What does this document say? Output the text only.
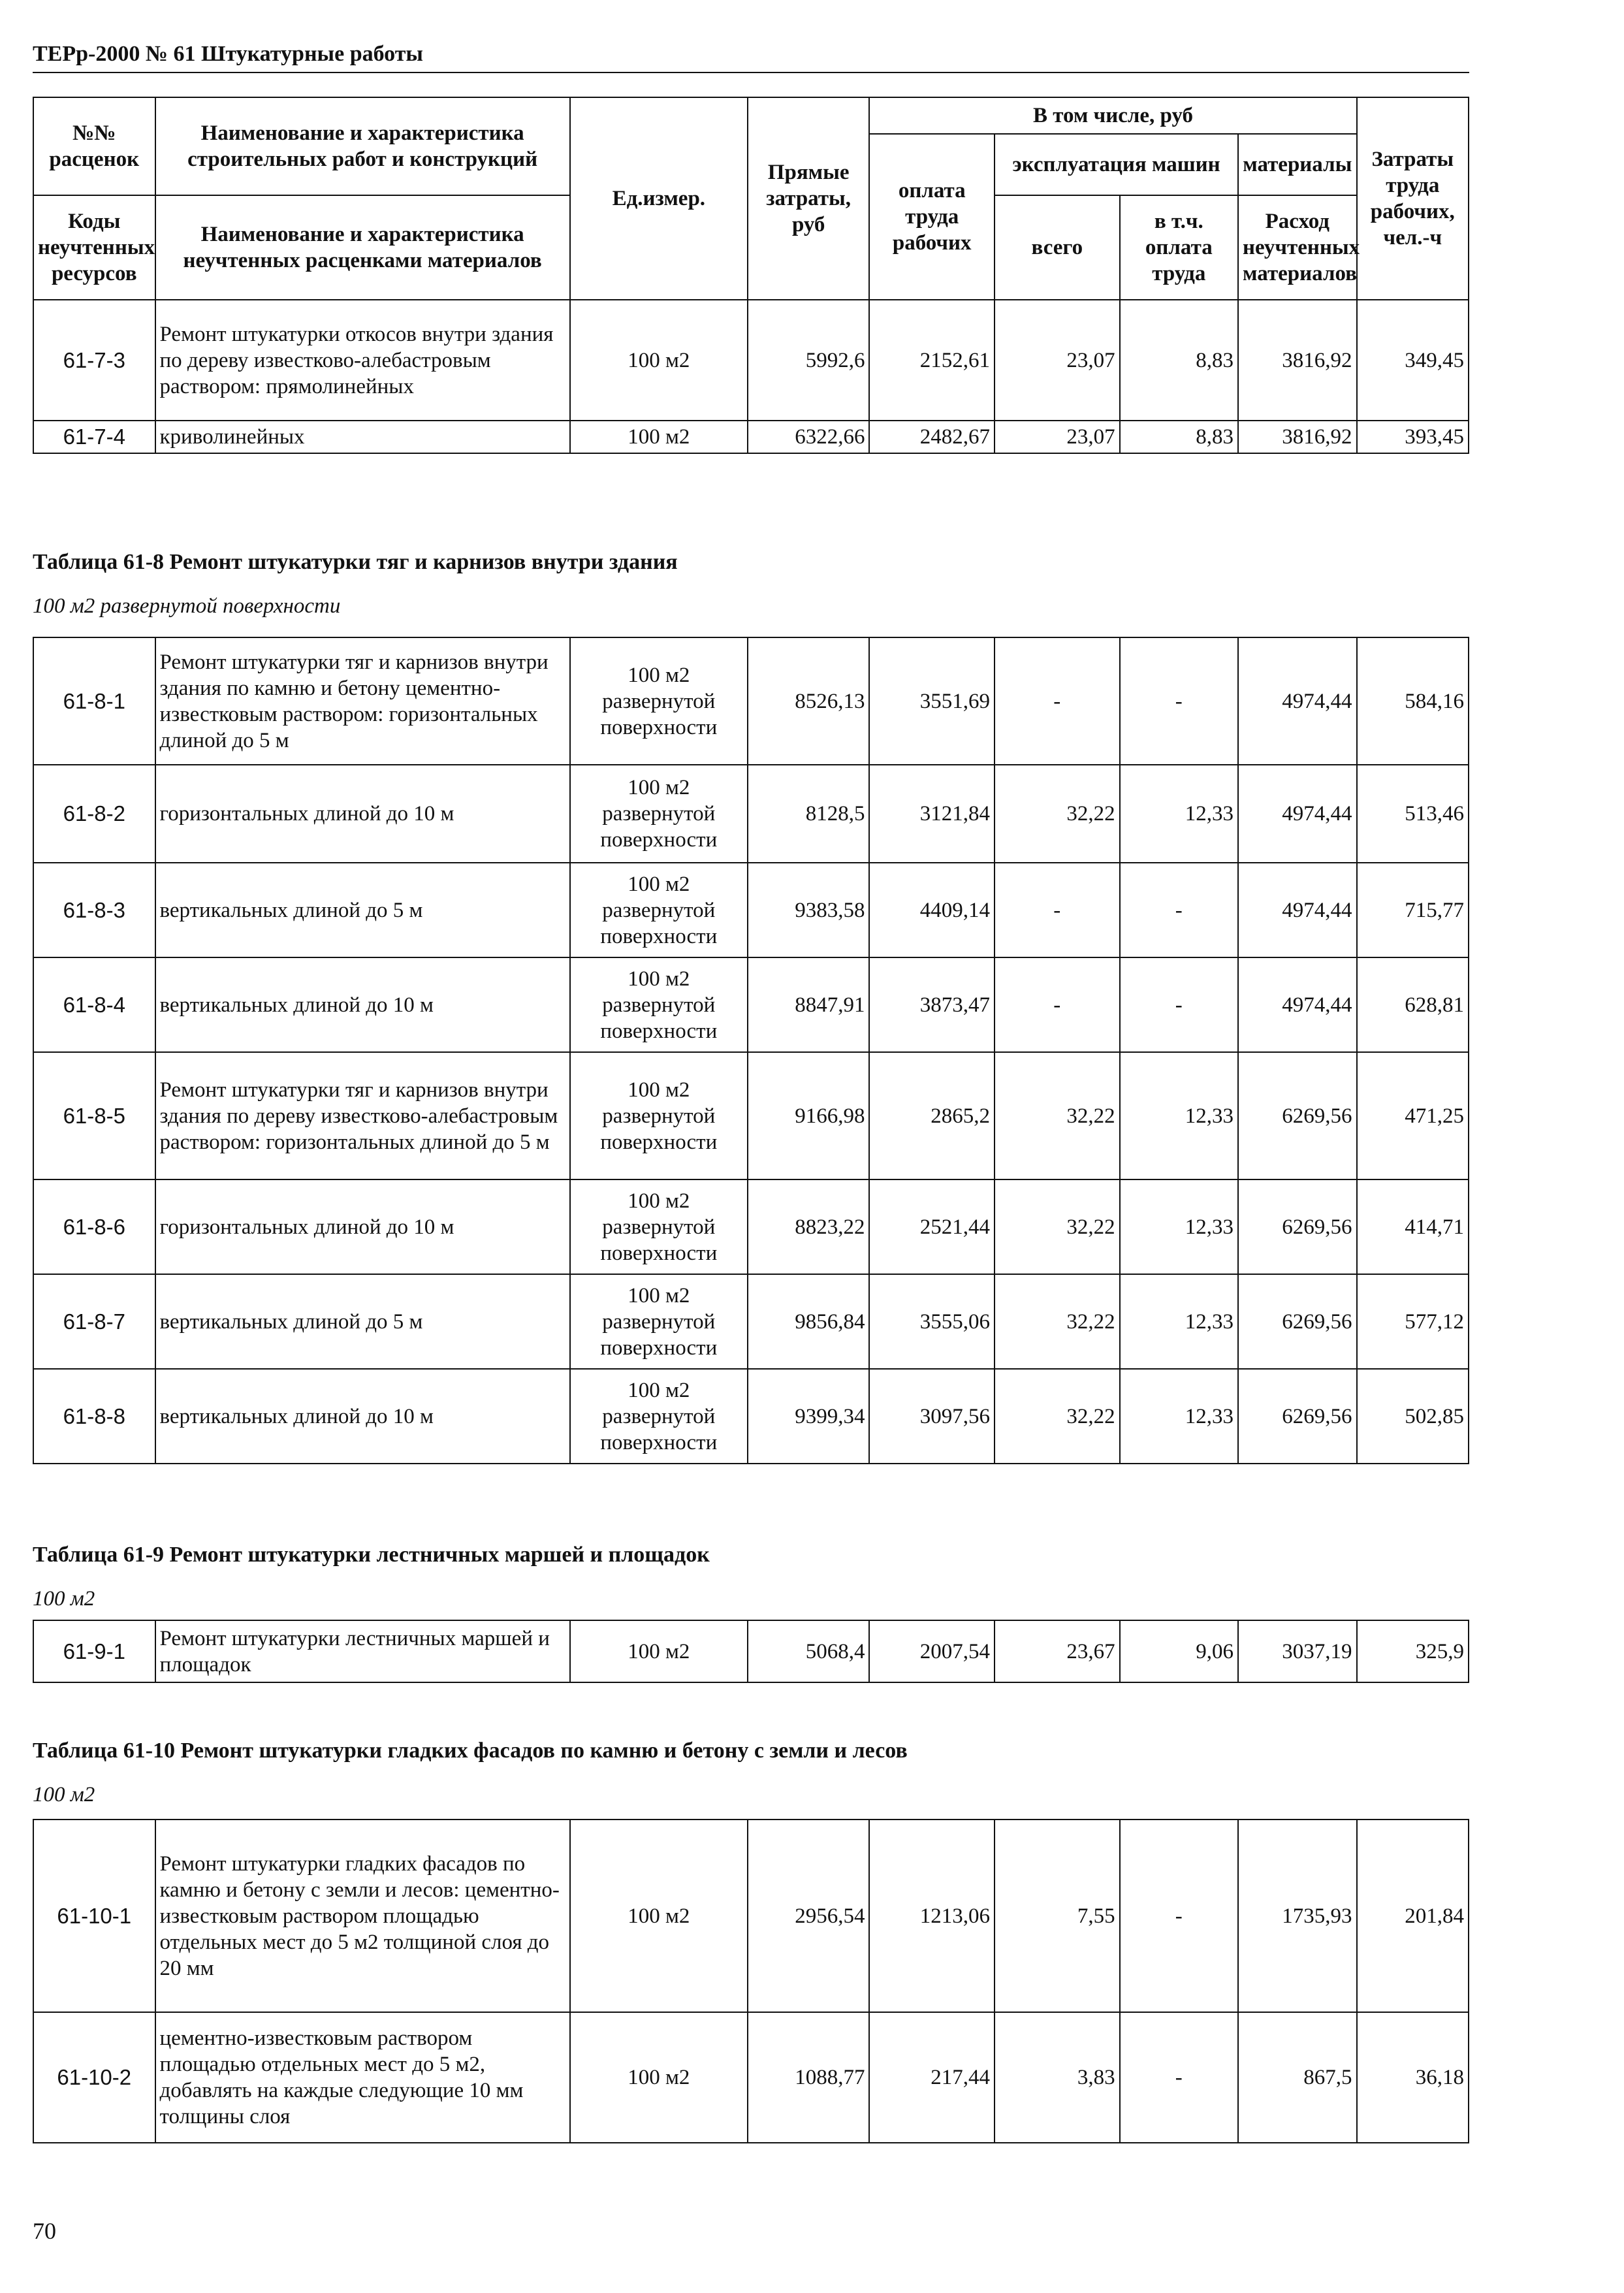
ТЕРр-2000 № 61 Штукатурные работы
№№ расценок	Наименование и характеристика строительных работ и конструкций	Ед.измер.	Прямые затраты, руб	В том числе, руб				Затраты труда рабочих, чел.-ч
				оплата труда рабочих	эксплуатация машин		материалы	

Коды неучтенных ресурсов	Наименование и характеристика неучтенных расценками материалов				всего	в т.ч. оплата труда	Расход неучтенных материалов	

61-7-3	Ремонт штукатурки откосов внутри здания по дереву известково-алебастровым раствором: прямолинейных	100 м2	5992,6	2152,61	23,07	8,83	3816,92	349,45
61-7-4	криволинейных	100 м2	6322,66	2482,67	23,07	8,83	3816,92	393,45
Таблица 61-8 Ремонт штукатурки тяг и карнизов внутри здания
100 м2 развернутой поверхности
61-8-1	Ремонт штукатурки тяг и карнизов внутри здания по камню и бетону цементно-известковым раствором: горизонтальных длиной до 5 м	100 м2 развернутой поверхности	8526,13	3551,69	-	-	4974,44	584,16
61-8-2	горизонтальных длиной до 10 м	100 м2 развернутой поверхности	8128,5	3121,84	32,22	12,33	4974,44	513,46
61-8-3	вертикальных длиной до 5 м	100 м2 развернутой поверхности	9383,58	4409,14	-	-	4974,44	715,77
61-8-4	вертикальных длиной до 10 м	100 м2 развернутой поверхности	8847,91	3873,47	-	-	4974,44	628,81
61-8-5	Ремонт штукатурки тяг и карнизов внутри здания по дереву известково-алебастровым раствором: горизонтальных длиной до 5 м	100 м2 развернутой поверхности	9166,98	2865,2	32,22	12,33	6269,56	471,25
61-8-6	горизонтальных длиной до 10 м	100 м2 развернутой поверхности	8823,22	2521,44	32,22	12,33	6269,56	414,71
61-8-7	вертикальных длиной до 5 м	100 м2 развернутой поверхности	9856,84	3555,06	32,22	12,33	6269,56	577,12
61-8-8	вертикальных длиной до 10 м	100 м2 развернутой поверхности	9399,34	3097,56	32,22	12,33	6269,56	502,85
Таблица 61-9 Ремонт штукатурки лестничных маршей и площадок
100 м2
61-9-1	Ремонт штукатурки лестничных маршей и площадок	100 м2	5068,4	2007,54	23,67	9,06	3037,19	325,9
Таблица 61-10 Ремонт штукатурки гладких фасадов по камню и бетону с земли и лесов
100 м2
61-10-1	Ремонт штукатурки гладких фасадов по камню и бетону с земли и лесов: цементно-известковым раствором площадью отдельных мест до 5 м2 толщиной слоя до 20 мм	100 м2	2956,54	1213,06	7,55	-	1735,93	201,84
61-10-2	цементно-известковым раствором площадью отдельных мест до 5 м2, добавлять на каждые следующие 10 мм толщины слоя	100 м2	1088,77	217,44	3,83	-	867,5	36,18
70
